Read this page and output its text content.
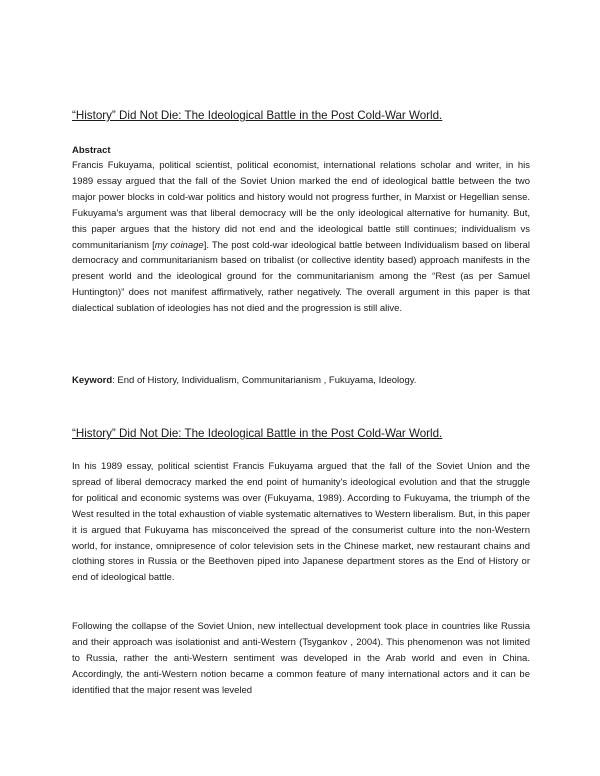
“History” Did Not Die: The Ideological Battle in the Post Cold-War World.
Abstract

Francis Fukuyama, political scientist, political economist, international relations scholar and writer, in his 1989 essay argued that the fall of the Soviet Union marked the end of ideological battle between the two major power blocks in cold-war politics and history would not progress further, in Marxist or Hegellian sense. Fukuyama’s argument was that liberal democracy will be the only ideological alternative for humanity. But, this paper argues that the history did not end and the ideological battle still continues; individualism vs communitarianism [my coinage]. The post cold-war ideological battle between Individualism based on liberal democracy and communitarianism based on tribalist (or collective identity based) approach manifests in the present world and the ideological ground for the communitarianism among the “Rest (as per Samuel Huntington)” does not manifest affirmatively, rather negatively. The overall argument in this paper is that dialectical sublation of ideologies has not died and the progression is still alive.

Keyword: End of History, Individualism, Communitarianism , Fukuyama, Ideology.

“History” Did Not Die: The Ideological Battle in the Post Cold-War World.

In his 1989 essay, political scientist Francis Fukuyama argued that the fall of the Soviet Union and the spread of liberal democracy marked the end point of humanity's ideological evolution and that the struggle for political and economic systems was over (Fukuyama, 1989). According to Fukuyama, the triumph of the West resulted in the total exhaustion of viable systematic alternatives to Western liberalism. But, in this paper it is argued that Fukuyama has misconceived the spread of the consumerist culture into the non-Western world, for instance, omnipresence of color television sets in the Chinese market, new restaurant chains and clothing stores in Russia or the Beethoven piped into Japanese department stores as the End of History or end of ideological battle.

Following the collapse of the Soviet Union, new intellectual development took place in countries like Russia and their approach was isolationist and anti-Western (Tsygankov , 2004). This phenomenon was not limited to Russia, rather the anti-Western sentiment was developed in the Arab world and even in China. Accordingly, the anti-Western notion became a common feature of many international actors and it can be identified that the major resent was leveled
